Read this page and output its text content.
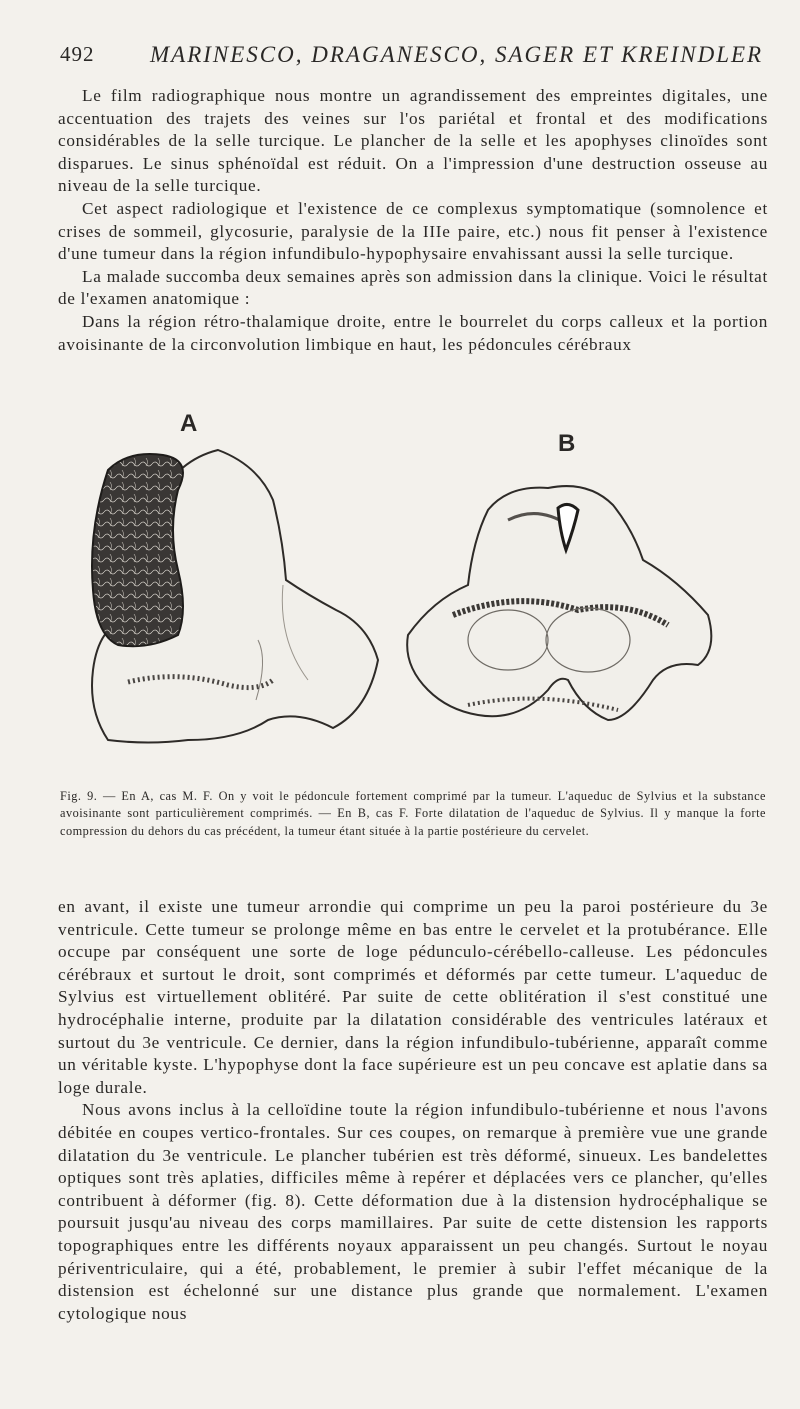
492 MARINESCO, DRAGANESCO, SAGER ET KREINDLER

Le film radiographique nous montre un agrandissement des empreintes digitales, une accentuation des trajets des veines sur l'os pariétal et frontal et des modifications considérables de la selle turcique. Le plancher de la selle et les apophyses clinoïdes sont disparues. Le sinus sphénoïdal est réduit. On a l'impression d'une destruction osseuse au niveau de la selle turcique.

Cet aspect radiologique et l'existence de ce complexus symptomatique (somnolence et crises de sommeil, glycosurie, paralysie de la IIIe paire, etc.) nous fit penser à l'existence d'une tumeur dans la région infundibulo-hypophysaire envahissant aussi la selle turcique.

La malade succomba deux semaines après son admission dans la clinique. Voici le résultat de l'examen anatomique :

Dans la région rétro-thalamique droite, entre le bourrelet du corps calleux et la portion avoisinante de la circonvolution limbique en haut, les pédoncules cérébraux

A
B
Fig. 9. — En A, cas M. F. On y voit le pédoncule fortement comprimé par la tumeur. L'aqueduc de Sylvius et la substance avoisinante sont particulièrement comprimés. — En B, cas F. Forte dilatation de l'aqueduc de Sylvius. Il y manque la forte compression du dehors du cas précédent, la tumeur étant située à la partie postérieure du cervelet.

en avant, il existe une tumeur arrondie qui comprime un peu la paroi postérieure du 3e ventricule. Cette tumeur se prolonge même en bas entre le cervelet et la protubérance. Elle occupe par conséquent une sorte de loge pédunculo-cérébello-calleuse. Les pédoncules cérébraux et surtout le droit, sont comprimés et déformés par cette tumeur. L'aqueduc de Sylvius est virtuellement oblitéré. Par suite de cette oblitération il s'est constitué une hydrocéphalie interne, produite par la dilatation considérable des ventricules latéraux et surtout du 3e ventricule. Ce dernier, dans la région infundibulo-tubérienne, apparaît comme un véritable kyste. L'hypophyse dont la face supérieure est un peu concave est aplatie dans sa loge durale.

Nous avons inclus à la celloïdine toute la région infundibulo-tubérienne et nous l'avons débitée en coupes vertico-frontales. Sur ces coupes, on remarque à première vue une grande dilatation du 3e ventricule. Le plancher tubérien est très déformé, sinueux. Les bandelettes optiques sont très aplaties, difficiles même à repérer et déplacées vers ce plancher, qu'elles contribuent à déformer (fig. 8). Cette déformation due à la distension hydrocéphalique se poursuit jusqu'au niveau des corps mamillaires. Par suite de cette distension les rapports topographiques entre les différents noyaux apparaissent un peu changés. Surtout le noyau périventriculaire, qui a été, probablement, le premier à subir l'effet mécanique de la distension est échelonné sur une distance plus grande que normalement. L'examen cytologique nous
